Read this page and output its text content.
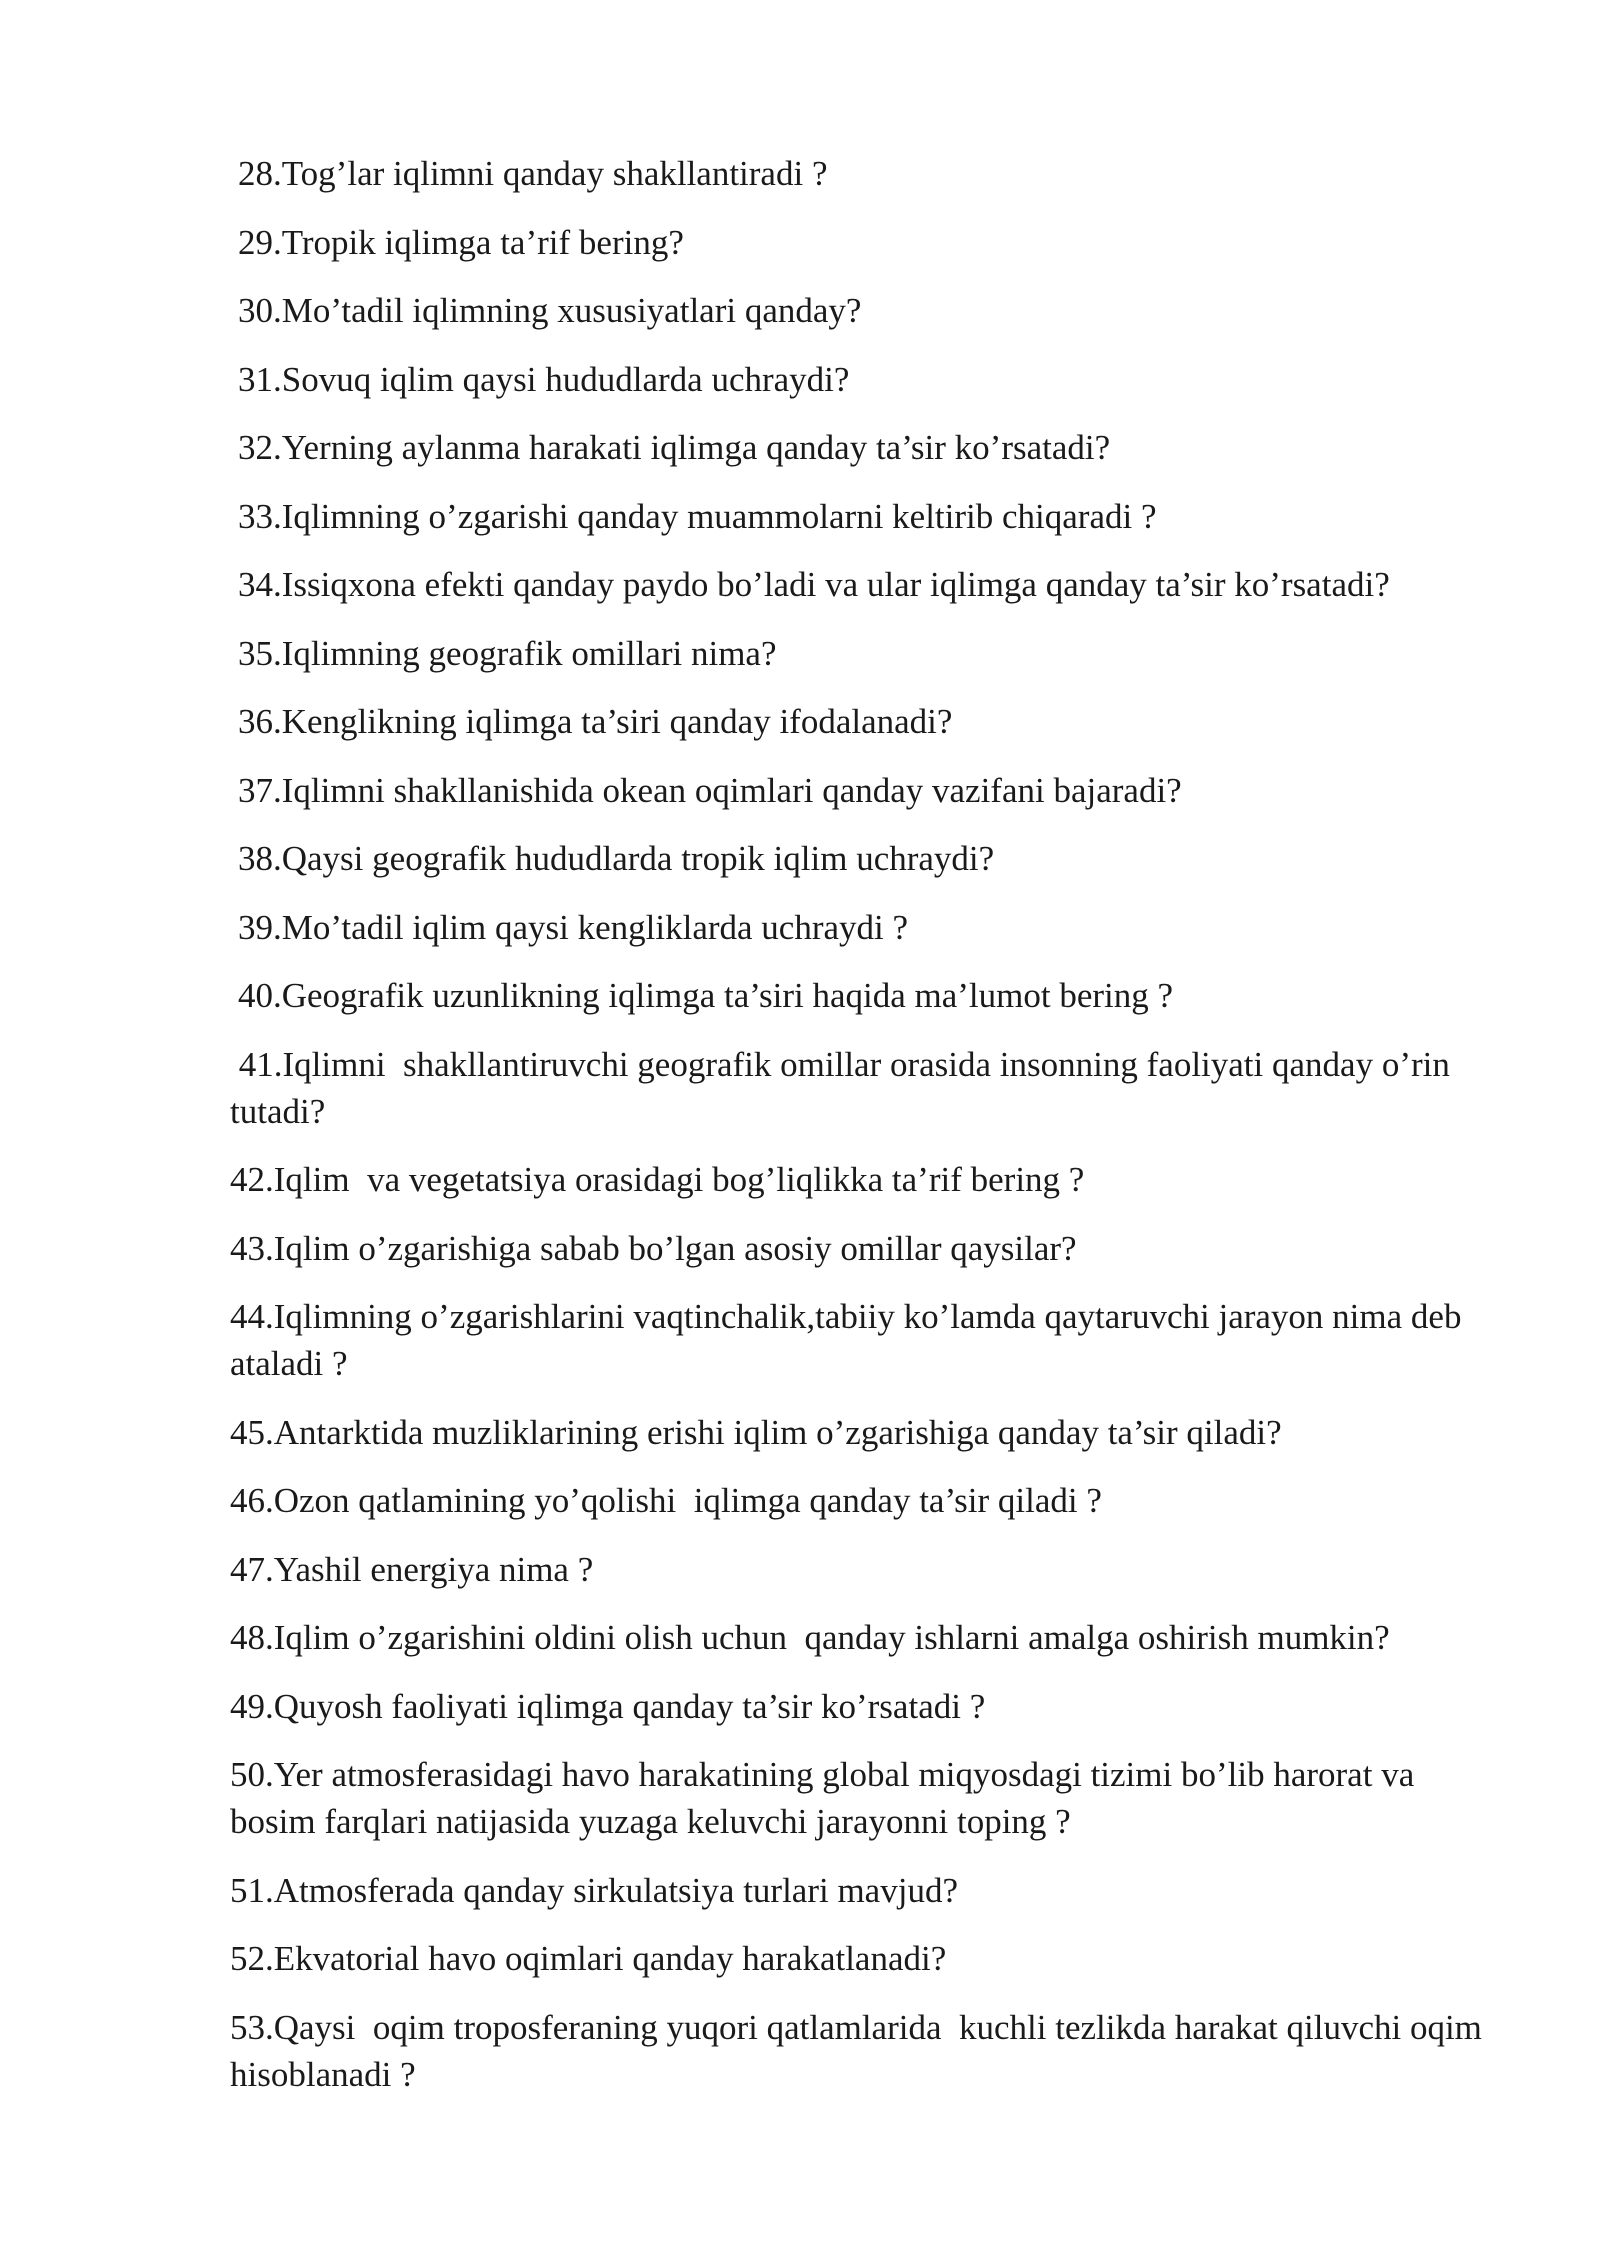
28.Tog’lar iqlimni qanday shakllantiradi ?
29.Tropik iqlimga ta’rif bering?
30.Mo’tadil iqlimning xususiyatlari qanday?
31.Sovuq iqlim qaysi hududlarda uchraydi?
32.Yerning aylanma harakati iqlimga qanday ta’sir ko’rsatadi?
33.Iqlimning o’zgarishi qanday muammolarni keltirib chiqaradi ?
34.Issiqxona efekti qanday paydo bo’ladi va ular iqlimga qanday ta’sir ko’rsatadi?
35.Iqlimning geografik omillari nima?
36.Kenglikning iqlimga ta’siri qanday ifodalanadi?
37.Iqlimni shakllanishida okean oqimlari qanday vazifani bajaradi?
38.Qaysi geografik hududlarda tropik iqlim uchraydi?
39.Mo’tadil iqlim qaysi kengliklarda uchraydi ?
40.Geografik uzunlikning iqlimga ta’siri haqida ma’lumot bering ?
41.Iqlimni  shakllantiruvchi geografik omillar orasida insonning faoliyati qanday o’rin tutadi?
42.Iqlim  va vegetatsiya orasidagi bog’liqlikka ta’rif bering ?
43.Iqlim o’zgarishiga sabab bo’lgan asosiy omillar qaysilar?
44.Iqlimning o’zgarishlarini vaqtinchalik,tabiiy ko’lamda qaytaruvchi jarayon nima deb ataladi ?
45.Antarktida muzliklarining erishi iqlim o’zgarishiga qanday ta’sir qiladi?
46.Ozon qatlamining yo’qolishi  iqlimga qanday ta’sir qiladi ?
47.Yashil energiya nima ?
48.Iqlim o’zgarishini oldini olish uchun  qanday ishlarni amalga oshirish mumkin?
49.Quyosh faoliyati iqlimga qanday ta’sir ko’rsatadi ?
50.Yer atmosferasidagi havo harakatining global miqyosdagi tizimi bo’lib harorat va bosim farqlari natijasida yuzaga keluvchi jarayonni toping ?
51.Atmosferada qanday sirkulatsiya turlari mavjud?
52.Ekvatorial havo oqimlari qanday harakatlanadi?
53.Qaysi  oqim troposferaning yuqori qatlamlarida  kuchli tezlikda harakat qiluvchi oqim hisoblanadi ?
